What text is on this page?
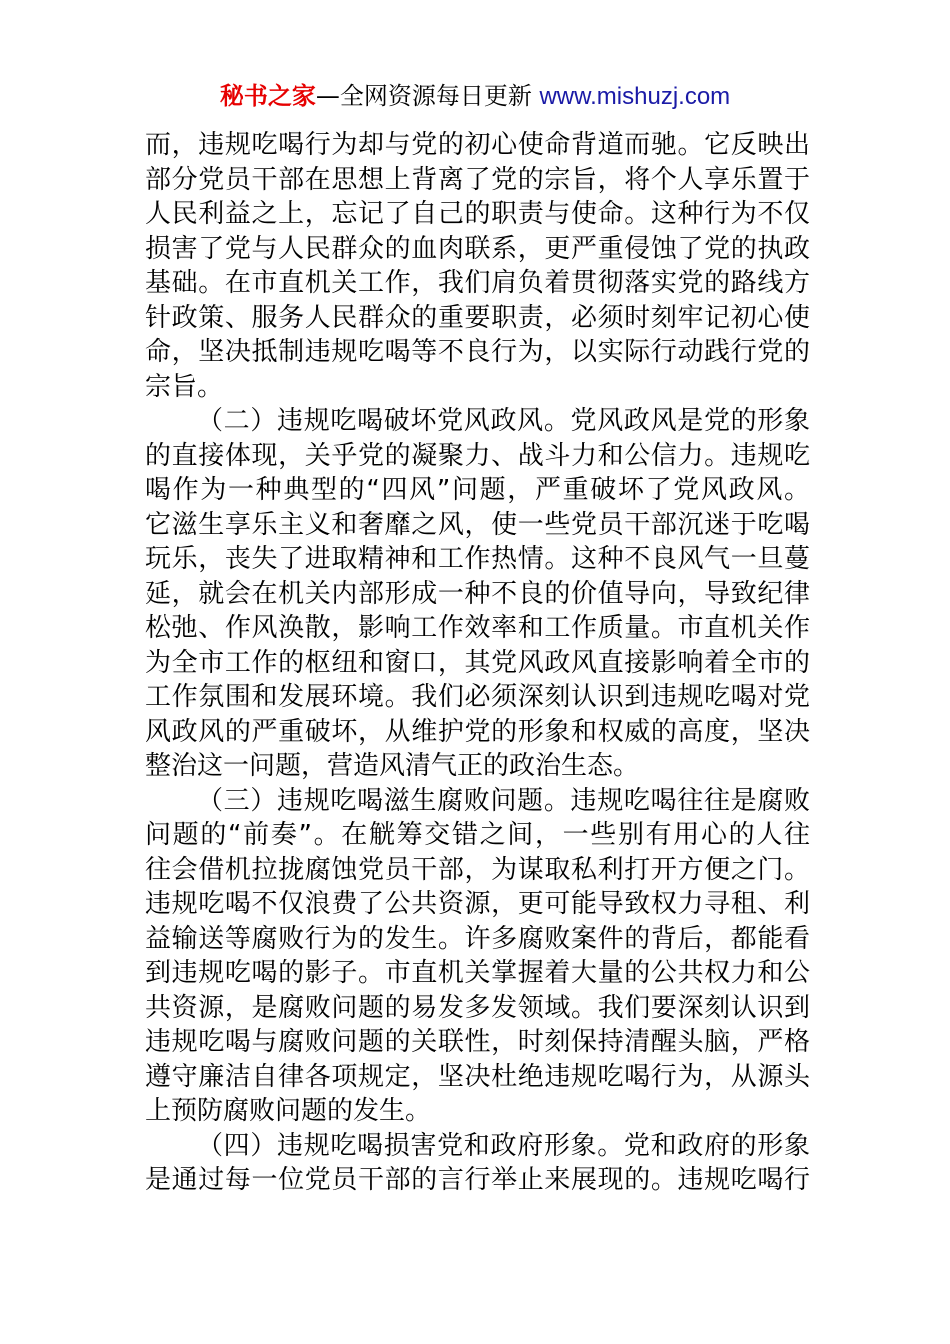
秘书之家—全网资源每日更新 www.mishuzj.com
而，违规吃喝行为却与党的初心使命背道而驰。它反映出
部分党员干部在思想上背离了党的宗旨，将个人享乐置于
人民利益之上，忘记了自己的职责与使命。这种行为不仅
损害了党与人民群众的血肉联系，更严重侵蚀了党的执政
基础。在市直机关工作，我们肩负着贯彻落实党的路线方
针政策、服务人民群众的重要职责，必须时刻牢记初心使
命，坚决抵制违规吃喝等不良行为，以实际行动践行党的
宗旨。
（二）违规吃喝破坏党风政风。党风政风是党的形象
的直接体现，关乎党的凝聚力、战斗力和公信力。违规吃
喝作为一种典型的“四风”问题，严重破坏了党风政风。
它滋生享乐主义和奢靡之风，使一些党员干部沉迷于吃喝
玩乐，丧失了进取精神和工作热情。这种不良风气一旦蔓
延，就会在机关内部形成一种不良的价值导向，导致纪律
松弛、作风涣散，影响工作效率和工作质量。市直机关作
为全市工作的枢纽和窗口，其党风政风直接影响着全市的
工作氛围和发展环境。我们必须深刻认识到违规吃喝对党
风政风的严重破坏，从维护党的形象和权威的高度，坚决
整治这一问题，营造风清气正的政治生态。
（三）违规吃喝滋生腐败问题。违规吃喝往往是腐败
问题的“前奏”。在觥筹交错之间，一些别有用心的人往
往会借机拉拢腐蚀党员干部，为谋取私利打开方便之门。
违规吃喝不仅浪费了公共资源，更可能导致权力寻租、利
益输送等腐败行为的发生。许多腐败案件的背后，都能看
到违规吃喝的影子。市直机关掌握着大量的公共权力和公
共资源，是腐败问题的易发多发领域。我们要深刻认识到
违规吃喝与腐败问题的关联性，时刻保持清醒头脑，严格
遵守廉洁自律各项规定，坚决杜绝违规吃喝行为，从源头
上预防腐败问题的发生。
（四）违规吃喝损害党和政府形象。党和政府的形象
是通过每一位党员干部的言行举止来展现的。违规吃喝行
